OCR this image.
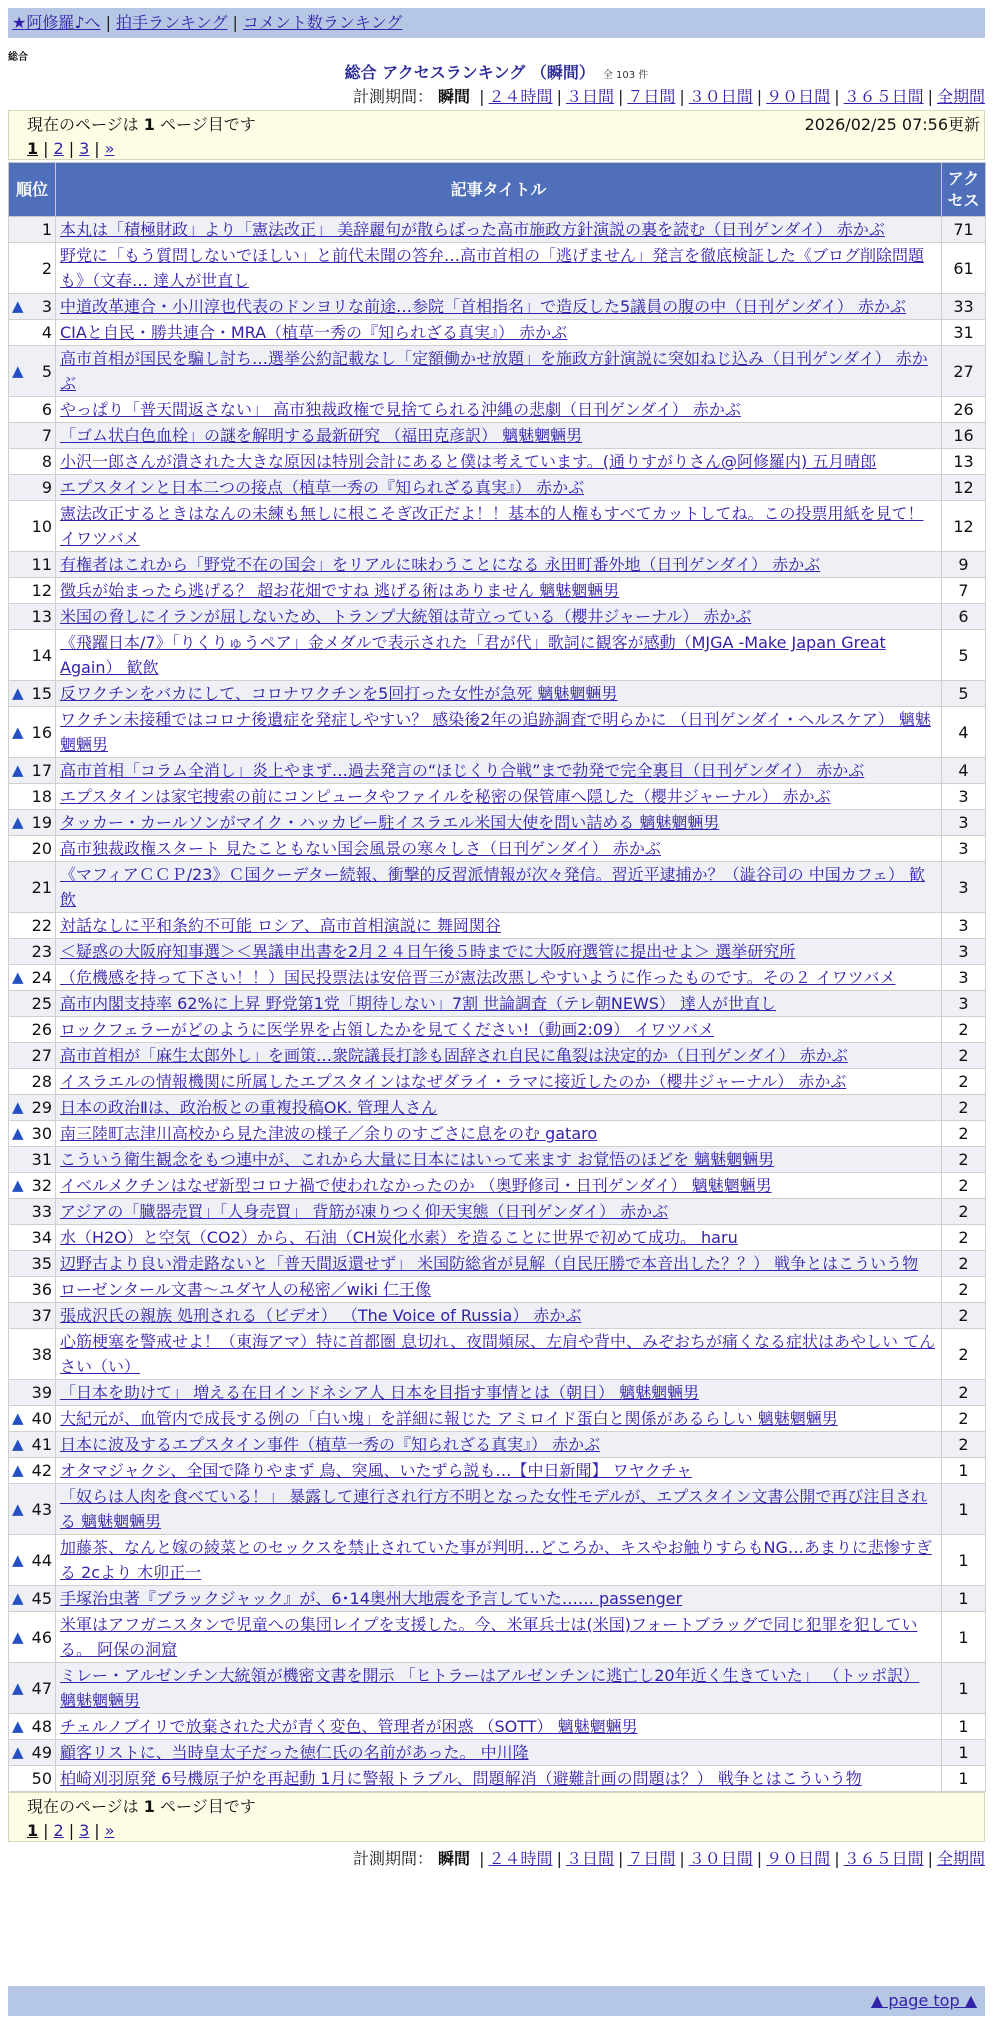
★阿修羅♪へ | 拍手ランキング | コメント数ランキング
総合
総合 アクセスランキング （瞬間） 全 103 件
計測期間： 瞬間 | ２４時間 | ３日間 | ７日間 | ３０日間 | ９０日間 | ３６５日間 | 全期間
現在のページは 1 ページ目です	2026/02/25 07:56更新
1 | 2 | 3 | »
順位	記事タイトル	アクセス
1	本丸は「積極財政」より「憲法改正」 美辞麗句が散らばった高市施政方針演説の裏を読む（日刊ゲンダイ） 赤かぶ	71
2	野党に「もう質問しないでほしい」と前代未聞の答弁…高市首相の「逃げません」発言を徹底検証した《ブログ削除問題も》（文春… 達人が世直し	61

▲ 3	中道改革連合・小川淳也代表のドンヨリな前途…参院「首相指名」で造反した5議員の腹の中（日刊ゲンダイ） 赤かぶ	33
4	CIAと自民・勝共連合・MRA（植草一秀の『知られざる真実』） 赤かぶ	31

▲ 5	高市首相が国民を騙し討ち…選挙公約記載なし「定額働かせ放題」を施政方針演説に突如ねじ込み（日刊ゲンダイ） 赤かぶ	27
6	やっぱり「普天間返さない」 高市独裁政権で見捨てられる沖縄の悲劇（日刊ゲンダイ） 赤かぶ	26
7	「ゴム状白色血栓」の謎を解明する最新研究 （福田克彦訳） 魑魅魍魎男	16
8	小沢一郎さんが潰された大きな原因は特別会計にあると僕は考えています。(通りすがりさん@阿修羅内) 五月晴郎	13
9	エプスタインと日本二つの接点（植草一秀の『知られざる真実』） 赤かぶ	12
10	憲法改正するときはなんの未練も無しに根こそぎ改正だよ！！基本的人権もすべてカットしてね。この投票用紙を見て！ イワツバメ	12
11	有権者はこれから「野党不在の国会」をリアルに味わうことになる 永田町番外地（日刊ゲンダイ） 赤かぶ	9
12	徴兵が始まったら逃げる？ 超お花畑ですね 逃げる術はありません 魑魅魍魎男	7
13	米国の脅しにイランが屈しないため、トランプ大統領は苛立っている（櫻井ジャーナル） 赤かぶ	6
14	《飛躍日本/7》「りくりゅうペア」金メダルで表示された「君が代」歌詞に観客が感動（MJGA -Make Japan Great Again） 歓飲	5

▲ 15	反ワクチンをバカにして、コロナワクチンを5回打った女性が急死 魑魅魍魎男	5

▲ 16	ワクチン未接種ではコロナ後遺症を発症しやすい？ 感染後2年の追跡調査で明らかに （日刊ゲンダイ・ヘルスケア） 魑魅魍魎男	4

▲ 17	高市首相「コラム全消し」炎上やまず…過去発言の“ほじくり合戦”まで勃発で完全裏目（日刊ゲンダイ） 赤かぶ	4
18	エプスタインは家宅捜索の前にコンピュータやファイルを秘密の保管庫へ隠した（櫻井ジャーナル） 赤かぶ	3

▲ 19	タッカー・カールソンがマイク・ハッカビー駐イスラエル米国大使を問い詰める 魑魅魍魎男	3
20	高市独裁政権スタート 見たこともない国会風景の寒々しさ（日刊ゲンダイ） 赤かぶ	3
21	《マフィアＣＣＰ/23》Ｃ国クーデター続報、衝撃的反習派情報が次々発信。習近平逮捕か？（澁谷司の 中国カフェ） 歓飲	3
22	対話なしに平和条約不可能 ロシア、高市首相演説に 舞岡関谷	3
23	＜疑惑の大阪府知事選＞＜異議申出書を2月２４日午後５時までに大阪府選管に提出せよ＞ 選挙研究所	3

▲ 24	（危機感を持って下さい！！）国民投票法は安倍晋三が憲法改悪しやすいように作ったものです。その２ イワツバメ	3
25	高市内閣支持率 62%に上昇 野党第1党「期待しない」7割 世論調査（テレ朝NEWS） 達人が世直し	3
26	ロックフェラーがどのように医学界を占領したかを見てください!（動画2:09） イワツバメ	2
27	高市首相が「麻生太郎外し」を画策…衆院議長打診も固辞され自民に亀裂は決定的か（日刊ゲンダイ） 赤かぶ	2
28	イスラエルの情報機関に所属したエプスタインはなぜダライ・ラマに接近したのか（櫻井ジャーナル） 赤かぶ	2

▲ 29	日本の政治Ⅱは、政治板との重複投稿OK. 管理人さん	2

▲ 30	南三陸町志津川高校から見た津波の様子／余りのすごさに息をのむ gataro	2
31	こういう衛生観念をもつ連中が、これから大量に日本にはいって来ます お覚悟のほどを 魑魅魍魎男	2

▲ 32	イベルメクチンはなぜ新型コロナ禍で使われなかったのか （奥野修司・日刊ゲンダイ） 魑魅魍魎男	2
33	アジアの「臓器売買」「人身売買」 背筋が凍りつく仰天実態（日刊ゲンダイ） 赤かぶ	2
34	水（H2O）と空気（CO2）から、石油（CH炭化水素）を造ることに世界で初めて成功。 haru	2
35	辺野古より良い滑走路ないと「普天間返還せず」 米国防総省が見解（自民圧勝で本音出した？？） 戦争とはこういう物	2
36	ローゼンタール文書〜ユダヤ人の秘密／wiki 仁王像	2
37	張成沢氏の親族 処刑される（ビデオ） （The Voice of Russia） 赤かぶ	2
38	心筋梗塞を警戒せよ！（東海アマ）特に首都圏 息切れ、夜間頻尿、左肩や背中、みぞおちが痛くなる症状はあやしい てんさい（い）	2
39	「日本を助けて」 増える在日インドネシア人 日本を目指す事情とは（朝日） 魑魅魍魎男	2

▲ 40	大紀元が、血管内で成長する例の「白い塊」を詳細に報じた アミロイド蛋白と関係があるらしい 魑魅魍魎男	2

▲ 41	日本に波及するエプスタイン事件（植草一秀の『知られざる真実』） 赤かぶ	2

▲ 42	オタマジャクシ、全国で降りやまず 鳥、突風、いたずら説も…【中日新聞】 ワヤクチャ	1

▲ 43	「奴らは人肉を食べている！」 暴露して連行され行方不明となった女性モデルが、エプスタイン文書公開で再び注目される 魑魅魍魎男	1

▲ 44	加藤茶、なんと嫁の綾菜とのセックスを禁止されていた事が判明…どころか、キスやお触りすらもNG…あまりに悲惨すぎる 2cより 木卯正一	1

▲ 45	手塚治虫著『ブラックジャック』が、6･14奥州大地震を予言していた…… passenger	1

▲ 46	米軍はアフガニスタンで児童への集団レイプを支援した。今、米軍兵士は(米国)フォートブラッグで同じ犯罪を犯している。 阿保の洞窟	1

▲ 47	ミレー・アルゼンチン大統領が機密文書を開示 「ヒトラーはアルゼンチンに逃亡し20年近く生きていた」 （トッポ訳） 魑魅魍魎男	1

▲ 48	チェルノブイリで放棄された犬が青く変色、管理者が困惑 （SOTT） 魑魅魍魎男	1

▲ 49	顧客リストに、当時皇太子だった徳仁氏の名前があった。 中川隆	1
50	柏崎刈羽原発 6号機原子炉を再起動 1月に警報トラブル、問題解消（避難計画の問題は？） 戦争とはこういう物	1
現在のページは 1 ページ目です
1 | 2 | 3 | »
計測期間： 瞬間 | ２４時間 | ３日間 | ７日間 | ３０日間 | ９０日間 | ３６５日間 | 全期間
▲ page top ▲
